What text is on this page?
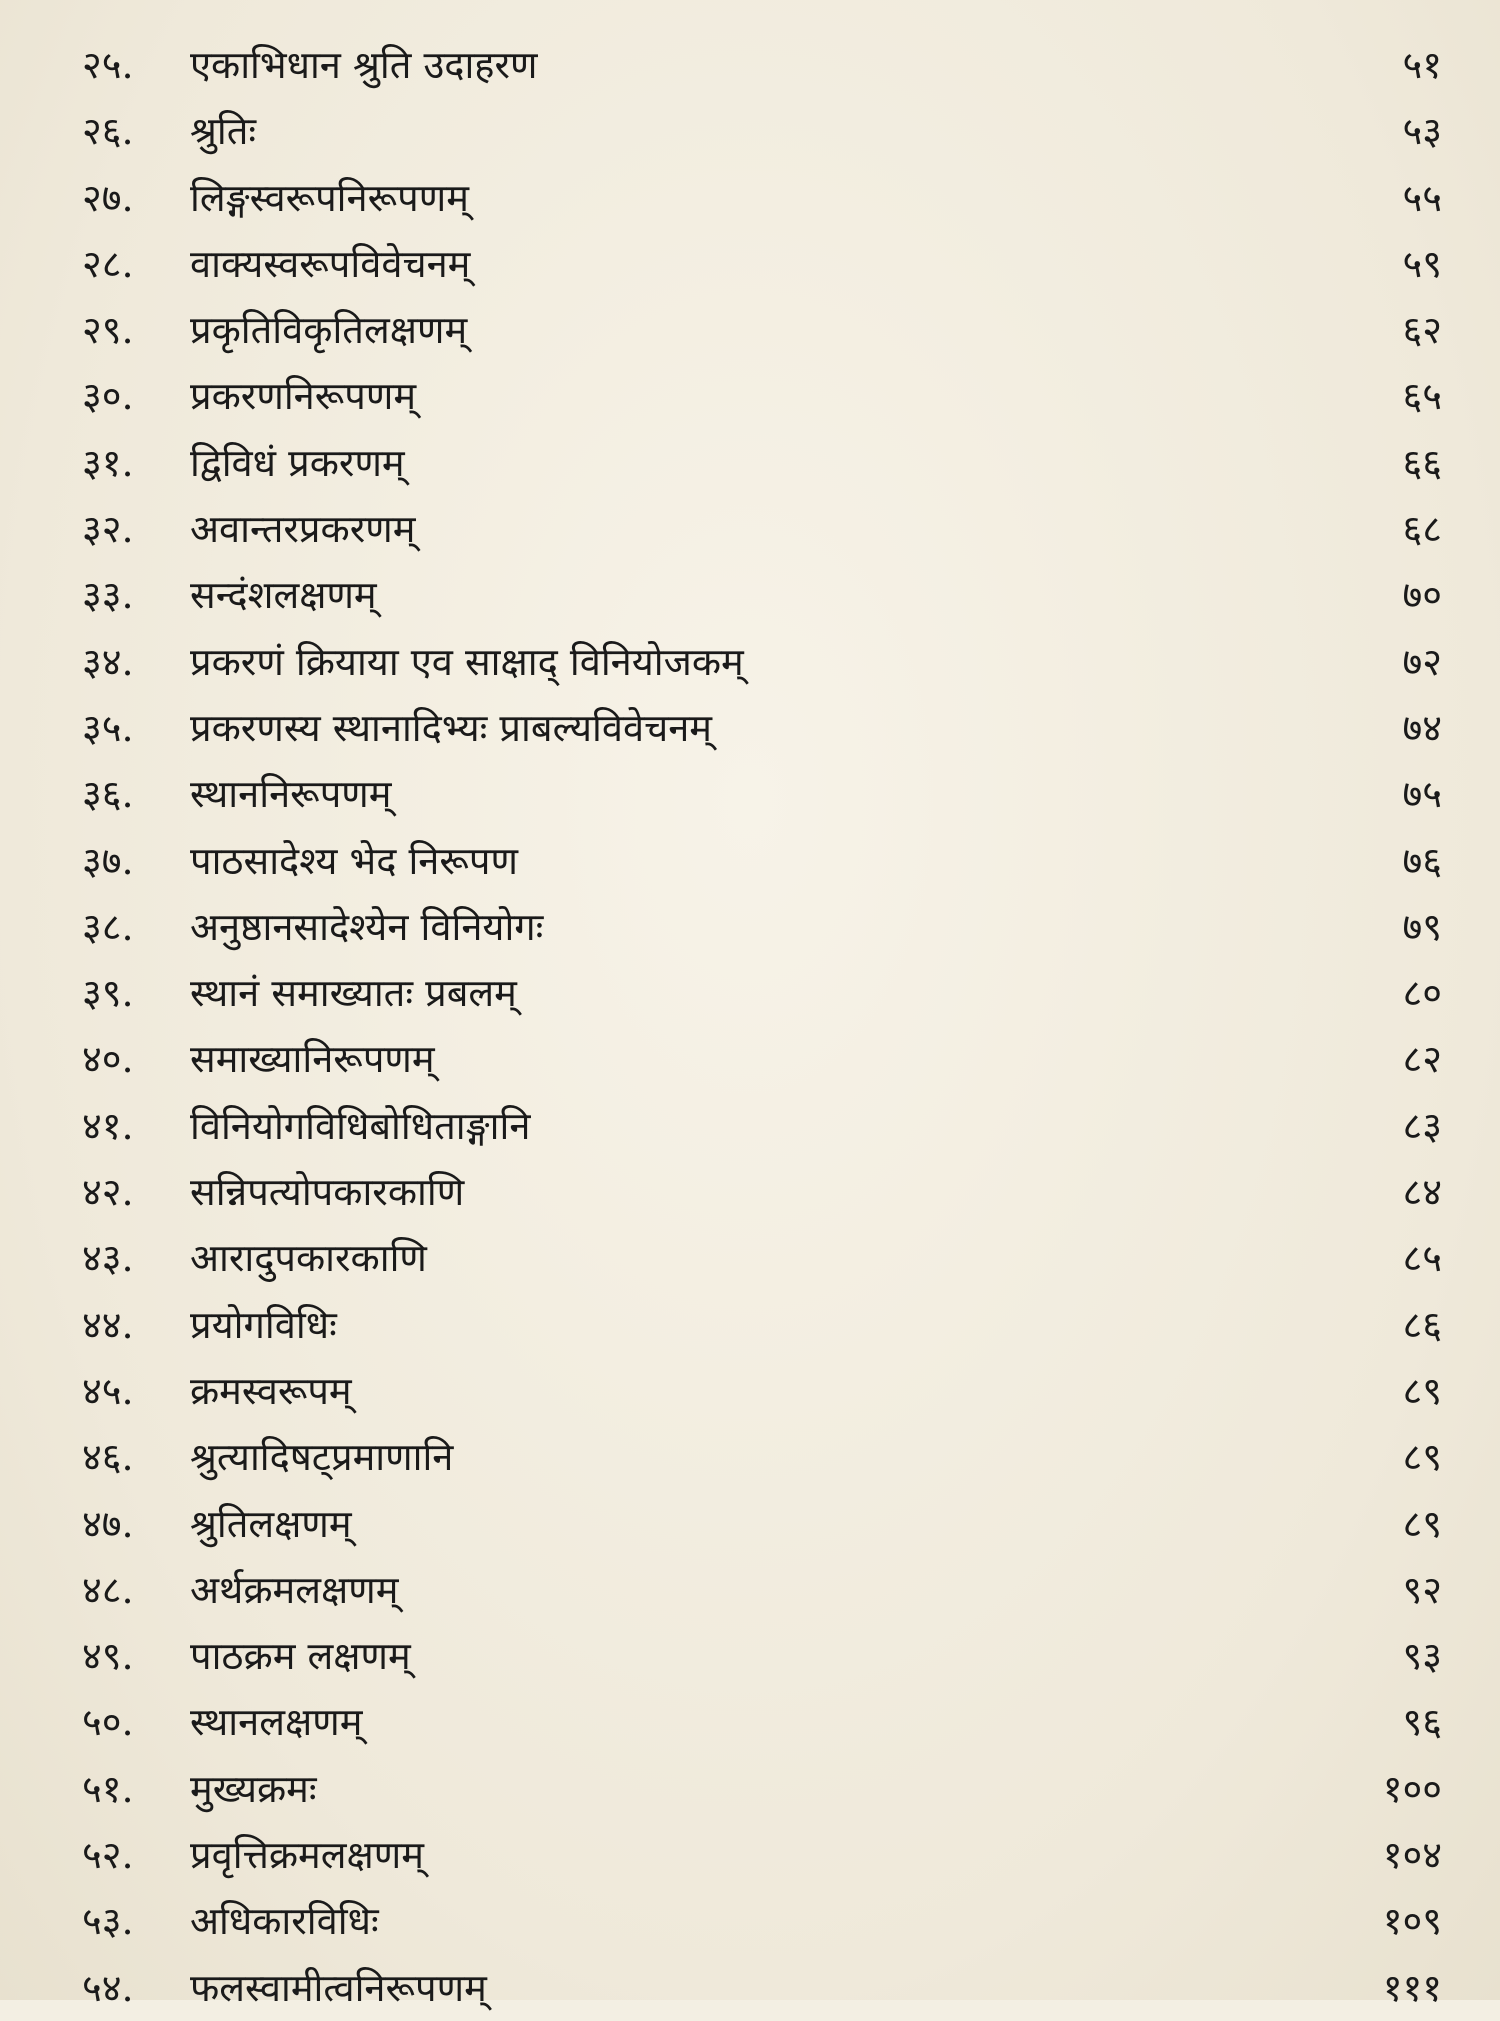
२५.	एकाभिधान श्रुति उदाहरण	५१
२६.	श्रुतिः	५३
२७.	लिङ्गस्वरूपनिरूपणम्	५५
२८.	वाक्यस्वरूपविवेचनम्	५९
२९.	प्रकृतिविकृतिलक्षणम्	६२
३०.	प्रकरणनिरूपणम्	६५
३१.	द्विविधं प्रकरणम्	६६
३२.	अवान्तरप्रकरणम्	६८
३३.	सन्दंशलक्षणम्	७०
३४.	प्रकरणं क्रियाया एव साक्षाद् विनियोजकम्	७२
३५.	प्रकरणस्य स्थानादिभ्यः प्राबल्यविवेचनम्	७४
३६.	स्थाननिरूपणम्	७५
३७.	पाठसादेश्य भेद निरूपण	७६
३८.	अनुष्ठानसादेश्येन विनियोगः	७९
३९.	स्थानं समाख्यातः प्रबलम्	८०
४०.	समाख्यानिरूपणम्	८२
४१.	विनियोगविधिबोधिताङ्गानि	८३
४२.	सन्निपत्योपकारकाणि	८४
४३.	आरादुपकारकाणि	८५
४४.	प्रयोगविधिः	८६
४५.	क्रमस्वरूपम्	८९
४६.	श्रुत्यादिषट्प्रमाणानि	८९
४७.	श्रुतिलक्षणम्	८९
४८.	अर्थक्रमलक्षणम्	९२
४९.	पाठक्रम लक्षणम्	९३
५०.	स्थानलक्षणम्	९६
५१.	मुख्यक्रमः	१००
५२.	प्रवृत्तिक्रमलक्षणम्	१०४
५३.	अधिकारविधिः	१०९
५४.	फलस्वामीत्वनिरूपणम्	१११
